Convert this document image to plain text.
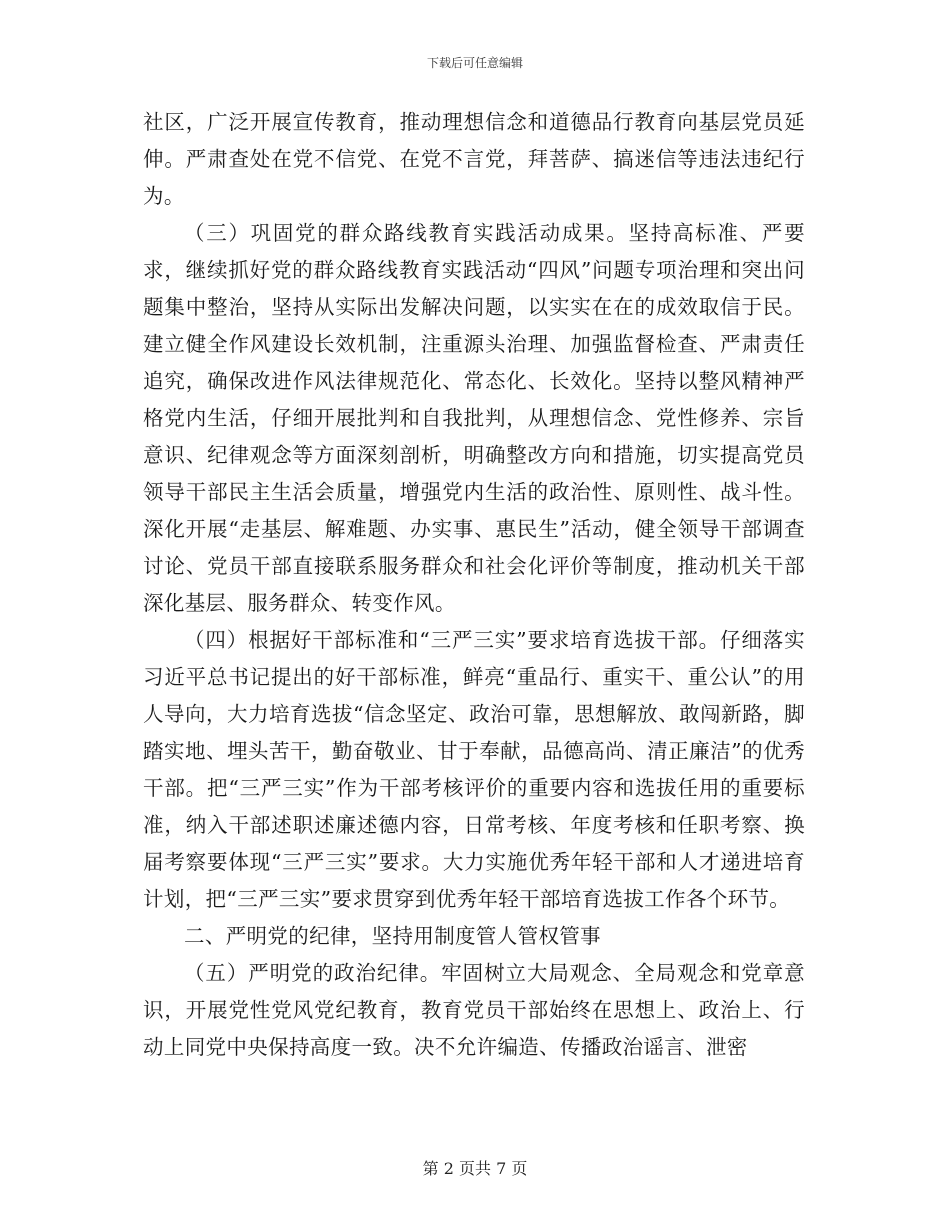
下载后可任意编辑

社区，广泛开展宣传教育，推动理想信念和道德品行教育向基层党员延伸。严肃查处在党不信党、在党不言党，拜菩萨、搞迷信等违法违纪行为。

（三）巩固党的群众路线教育实践活动成果。坚持高标准、严要求，继续抓好党的群众路线教育实践活动“四风”问题专项治理和突出问题集中整治，坚持从实际出发解决问题，以实实在在的成效取信于民。建立健全作风建设长效机制，注重源头治理、加强监督检查、严肃责任追究，确保改进作风法律规范化、常态化、长效化。坚持以整风精神严格党内生活，仔细开展批判和自我批判，从理想信念、党性修养、宗旨意识、纪律观念等方面深刻剖析，明确整改方向和措施，切实提高党员领导干部民主生活会质量，增强党内生活的政治性、原则性、战斗性。深化开展“走基层、解难题、办实事、惠民生”活动，健全领导干部调查讨论、党员干部直接联系服务群众和社会化评价等制度，推动机关干部深化基层、服务群众、转变作风。

（四）根据好干部标准和“三严三实”要求培育选拔干部。仔细落实习近平总书记提出的好干部标准，鲜亮“重品行、重实干、重公认”的用人导向，大力培育选拔“信念坚定、政治可靠，思想解放、敢闯新路，脚踏实地、埋头苦干，勤奋敬业、甘于奉献，品德高尚、清正廉洁”的优秀干部。把“三严三实”作为干部考核评价的重要内容和选拔任用的重要标准，纳入干部述职述廉述德内容，日常考核、年度考核和任职考察、换届考察要体现“三严三实”要求。大力实施优秀年轻干部和人才递进培育计划，把“三严三实”要求贯穿到优秀年轻干部培育选拔工作各个环节。

二、严明党的纪律，坚持用制度管人管权管事

（五）严明党的政治纪律。牢固树立大局观念、全局观念和党章意识，开展党性党风党纪教育，教育党员干部始终在思想上、政治上、行动上同党中央保持高度一致。决不允许编造、传播政治谣言、泄密

第 2 页共 7 页
